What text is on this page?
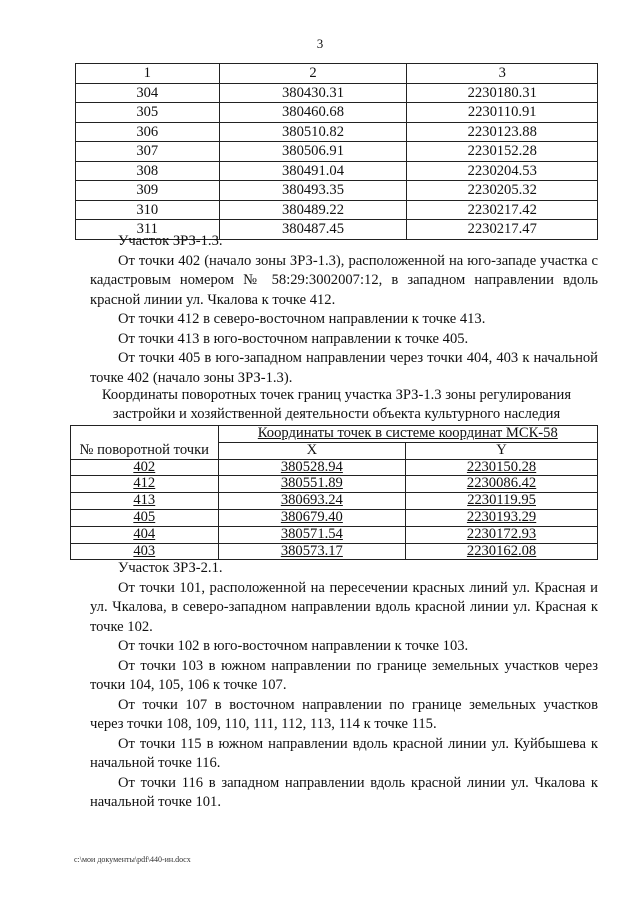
3
1	2	3
304	380430.31	2230180.31
305	380460.68	2230110.91
306	380510.82	2230123.88
307	380506.91	2230152.28
308	380491.04	2230204.53
309	380493.35	2230205.32
310	380489.22	2230217.42
311	380487.45	2230217.47

Участок ЗРЗ-1.3.

От точки 402 (начало зоны ЗРЗ-1.3), расположенной на юго-западе участка с кадастровым номером № 58:29:3002007:12, в западном направлении вдоль красной линии ул. Чкалова к точке 412.

От точки 412 в северо-восточном направлении к точке 413.

От точки 413 в юго-восточном направлении к точке 405.

От точки 405 в юго-западном направлении через точки 404, 403 к начальной точке 402 (начало зоны ЗРЗ-1.3).

Координаты поворотных точек границ участка ЗРЗ-1.3 зоны регулирования застройки и хозяйственной деятельности объекта культурного наследия
№ поворотной точки	Координаты точек в системе координат МСК-58	
	X	Y
402	380528.94	2230150.28
412	380551.89	2230086.42
413	380693.24	2230119.95
405	380679.40	2230193.29
404	380571.54	2230172.93
403	380573.17	2230162.08

Участок ЗРЗ-2.1.

От точки 101, расположенной на пересечении красных линий ул. Красная и ул. Чкалова, в северо-западном направлении вдоль красной линии ул. Красная к точке 102.

От точки 102 в юго-восточном направлении к точке 103.

От точки 103 в южном направлении по границе земельных участков через точки 104, 105, 106 к точке 107.

От точки 107 в восточном направлении по границе земельных участков через точки 108, 109, 110, 111, 112, 113, 114 к точке 115.

От точки 115 в южном направлении вдоль красной линии ул. Куйбышева к начальной точке 116.

От точки 116 в западном направлении вдоль красной линии ул. Чкалова к начальной точке 101.

c:\мои документы\pdf\440-ин.docx
